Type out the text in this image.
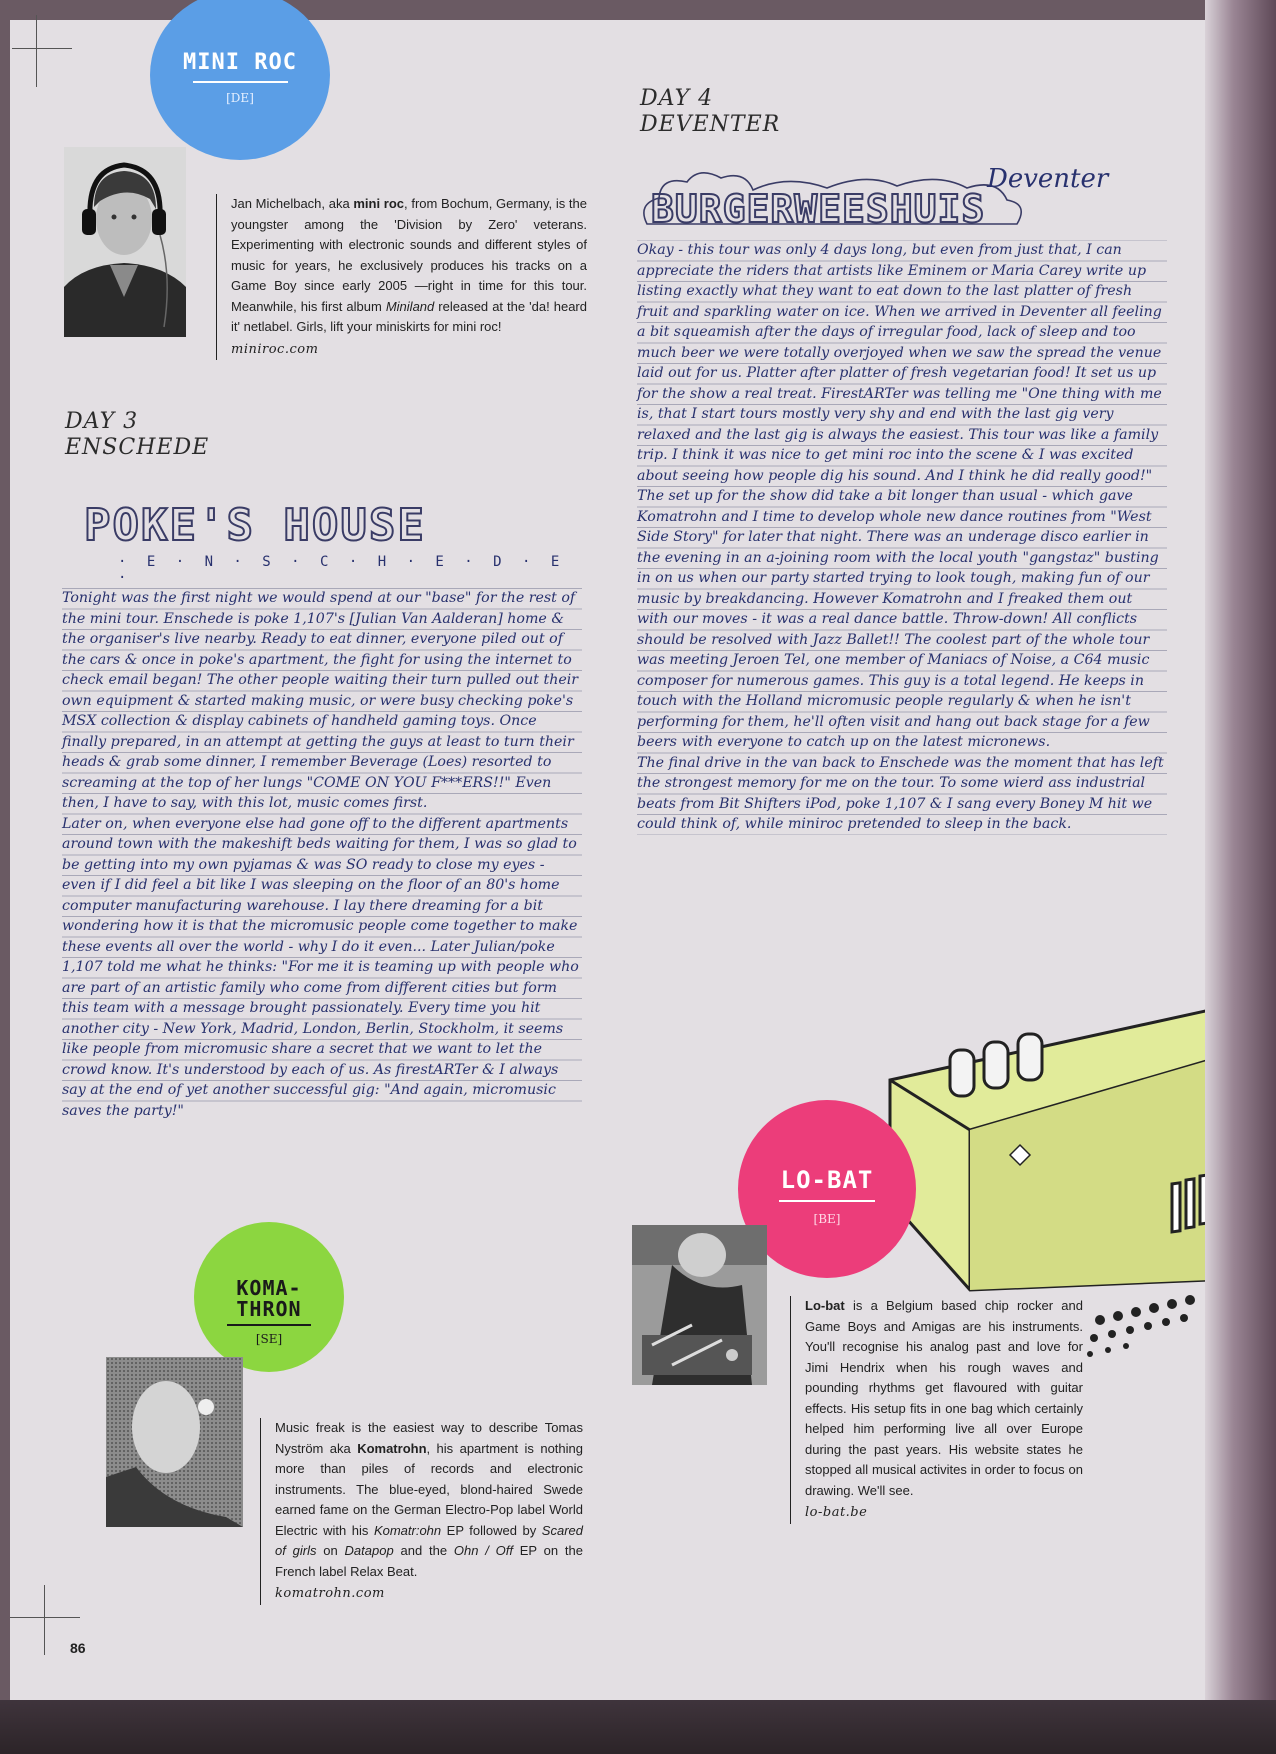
MINI ROC
[DE]
Jan Michelbach, aka mini roc, from Bochum, Germany, is the youngster among the 'Division by Zero' veterans. Experimenting with electronic sounds and different styles of music for years, he exclusively produces his tracks on a Game Boy since early 2005 —right in time for this tour. Meanwhile, his first album Miniland released at the 'da! heard it' netlabel. Girls, lift your miniskirts for mini roc!
miniroc.com
DAY 3
ENSCHEDE
POKE'S HOUSE
· E · N · S · C · H · E · D · E ·

Tonight was the first night we would spend at our "base" for the rest of the mini tour. Enschede is poke 1,107's [Julian Van Aalderan] home & the organiser's live nearby. Ready to eat dinner, everyone piled out of the cars & once in poke's apartment, the fight for using the internet to check email began! The other people waiting their turn pulled out their own equipment & started making music, or were busy checking poke's MSX collection & display cabinets of handheld gaming toys. Once finally prepared, in an attempt at getting the guys at least to turn their heads & grab some dinner, I remember Beverage (Loes) resorted to screaming at the top of her lungs "COME ON YOU F***ERS!!" Even then, I have to say, with this lot, music comes first.

Later on, when everyone else had gone off to the different apartments around town with the makeshift beds waiting for them, I was so glad to be getting into my own pyjamas & was SO ready to close my eyes - even if I did feel a bit like I was sleeping on the floor of an 80's home computer manufacturing warehouse. I lay there dreaming for a bit wondering how it is that the micromusic people come together to make these events all over the world - why I do it even... Later Julian/poke 1,107 told me what he thinks: "For me it is teaming up with people who are part of an artistic family who come from different cities but form this team with a message brought passionately. Every time you hit another city - New York, Madrid, London, Berlin, Stockholm, it seems like people from micromusic share a secret that we want to let the crowd know. It's understood by each of us. As firestARTer & I always say at the end of yet another successful gig: "And again, micromusic saves the party!"

DAY 4
DEVENTER
BURGERWEESHUIS
Deventer

Okay - this tour was only 4 days long, but even from just that, I can appreciate the riders that artists like Eminem or Maria Carey write up listing exactly what they want to eat down to the last platter of fresh fruit and sparkling water on ice. When we arrived in Deventer all feeling a bit squeamish after the days of irregular food, lack of sleep and too much beer we were totally overjoyed when we saw the spread the venue laid out for us. Platter after platter of fresh vegetarian food! It set us up for the show a real treat. FirestARTer was telling me "One thing with me is, that I start tours mostly very shy and end with the last gig very relaxed and the last gig is always the easiest. This tour was like a family trip. I think it was nice to get mini roc into the scene & I was excited about seeing how people dig his sound. And I think he did really good!"

The set up for the show did take a bit longer than usual - which gave Komatrohn and I time to develop whole new dance routines from "West Side Story" for later that night. There was an underage disco earlier in the evening in an a-joining room with the local youth "gangstaz" busting in on us when our party started trying to look tough, making fun of our music by breakdancing. However Komatrohn and I freaked them out with our moves - it was a real dance battle. Throw-down! All conflicts should be resolved with Jazz Ballet!! The coolest part of the whole tour was meeting Jeroen Tel, one member of Maniacs of Noise, a C64 music composer for numerous games. This guy is a total legend. He keeps in touch with the Holland micromusic people regularly & when he isn't performing for them, he'll often visit and hang out back stage for a few beers with everyone to catch up on the latest micronews.

The final drive in the van back to Enschede was the moment that has left the strongest memory for me on the tour. To some wierd ass industrial beats from Bit Shifters iPod, poke 1,107 & I sang every Boney M hit we could think of, while miniroc pretended to sleep in the back.

LO-BAT
[BE]
Lo-bat is a Belgium based chip rocker and Game Boys and Amigas are his instruments. You'll recognise his analog past and love for Jimi Hendrix when his rough waves and pounding rhythms get flavoured with guitar effects. His setup fits in one bag which certainly helped him performing live all over Europe during the past years. His website states he stopped all musical activites in order to focus on drawing. We'll see.
lo-bat.be
KOMA-
THRON
[SE]
Music freak is the easiest way to describe Tomas Nyström aka Komatrohn, his apartment is nothing more than piles of records and electronic instruments. The blue-eyed, blond-haired Swede earned fame on the German Electro-Pop label World Electric with his Komatr:ohn EP followed by Scared of girls on Datapop and the Ohn / Off EP on the French label Relax Beat.
komatrohn.com
86
